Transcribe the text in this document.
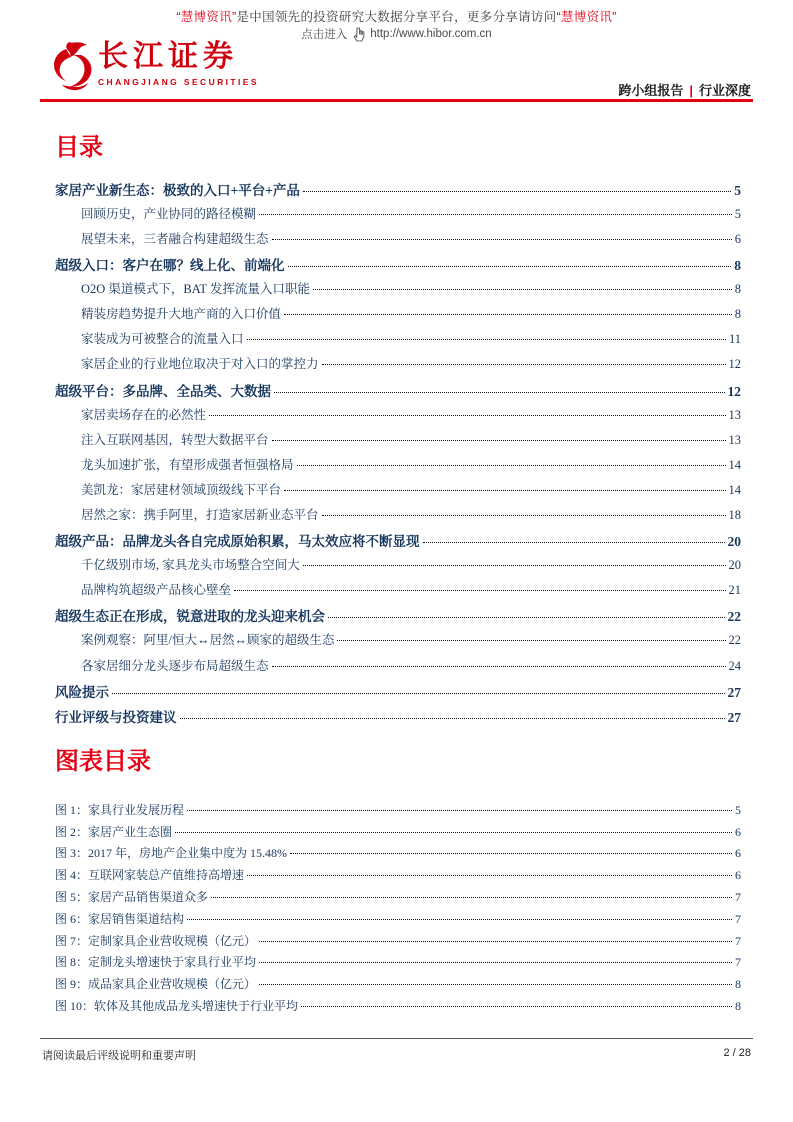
“慧博资讯”是中国领先的投资研究大数据分享平台，更多分享请访问“慧博资讯”
点击进入 http://www.hibor.com.cn
长江证券
CHANGJIANG SECURITIES
跨小组报告 | 行业深度
目录
家居产业新生态：极致的入口+平台+产品	5
回顾历史，产业协同的路径模糊	5
展望未来，三者融合构建超级生态	6
超级入口：客户在哪？线上化、前端化	8
O2O 渠道模式下，BAT 发挥流量入口职能	8
精装房趋势提升大地产商的入口价值	8
家装成为可被整合的流量入口	11
家居企业的行业地位取决于对入口的掌控力	12
超级平台：多品牌、全品类、大数据	12
家居卖场存在的必然性	13
注入互联网基因，转型大数据平台	13
龙头加速扩张，有望形成强者恒强格局	14
美凯龙：家居建材领域顶级线下平台	14
居然之家：携手阿里，打造家居新业态平台	18
超级产品：品牌龙头各自完成原始积累，马太效应将不断显现	20
千亿级别市场, 家具龙头市场整合空间大	20
品牌构筑超级产品核心壁垒	21
超级生态正在形成，锐意进取的龙头迎来机会	22
案例观察：阿里/恒大↔居然↔顾家的超级生态	22
各家居细分龙头逐步布局超级生态	24
风险提示	27
行业评级与投资建议	27
图表目录
图 1：家具行业发展历程	5
图 2：家居产业生态圈	6
图 3：2017 年，房地产企业集中度为 15.48%	6
图 4：互联网家装总产值维持高增速	6
图 5：家居产品销售渠道众多	7
图 6：家居销售渠道结构	7
图 7：定制家具企业营收规模（亿元）	7
图 8：定制龙头增速快于家具行业平均	7
图 9：成品家具企业营收规模（亿元）	8
图 10：软体及其他成品龙头增速快于行业平均	8
请阅读最后评级说明和重要声明	2 / 28
